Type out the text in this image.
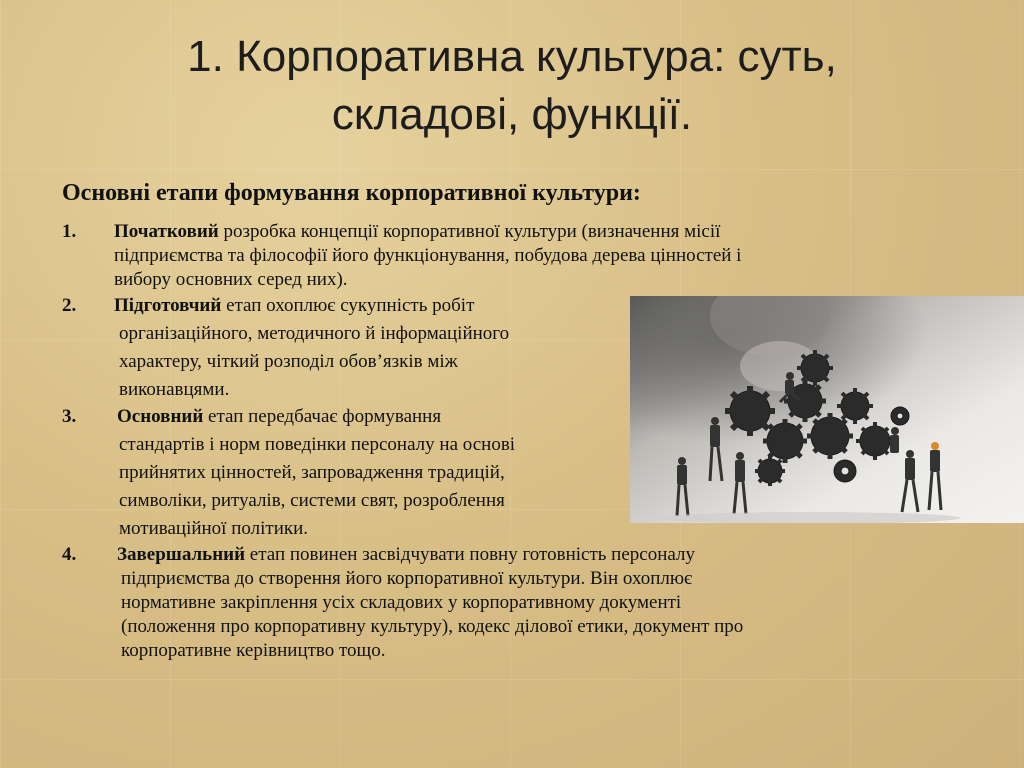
1. Корпоративна культура: суть,
складові, функції.
Основні етапи формування корпоративної культури:
1. Початковий розробка концепції корпоративної культури (визначення місії
підприємства та філософії його функціонування, побудова дерева цінностей і
вибору основних серед них).
2. Підготовчий етап охоплює сукупність робіт
організаційного, методичного й інформаційного
характеру, чіткий розподіл обов’язків між
виконавцями.
3. Основний етап передбачає формування
стандартів і норм поведінки персоналу на основі
прийнятих цінностей, запровадження традицій,
символіки, ритуалів, системи свят, розроблення
мотиваційної політики.
4. Завершальний етап повинен засвідчувати повну готовність персоналу
підприємства до створення його корпоративної культури. Він охоплює
нормативне закріплення усіх складових у корпоративному документі
(положення про корпоративну культуру), кодекс ділової етики, документ про
корпоративне керівництво тощо.
